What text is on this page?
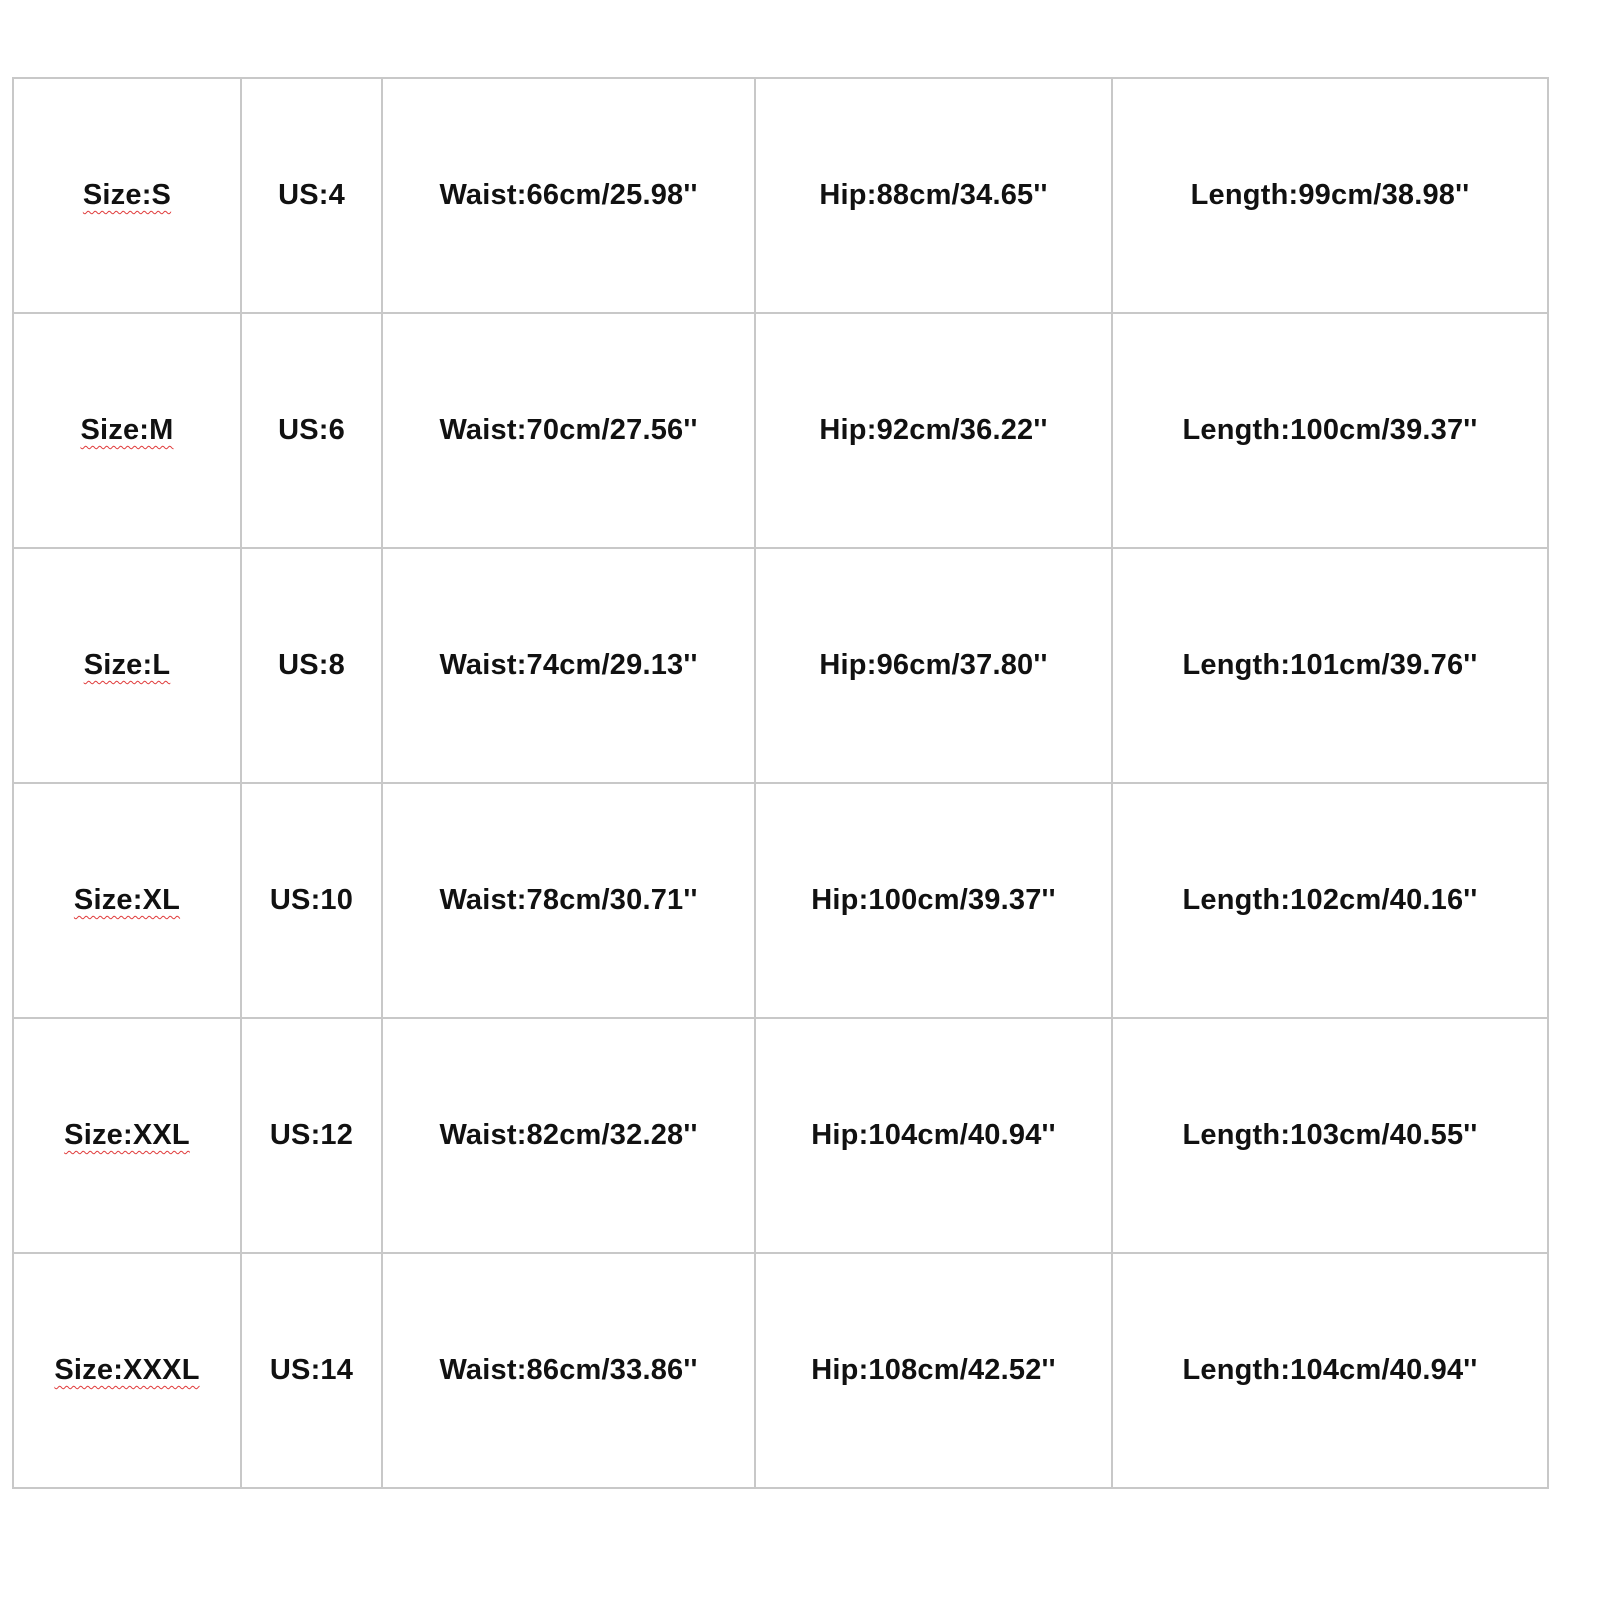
Size:S	US:4	Waist:66cm/25.98''	Hip:88cm/34.65''	Length:99cm/38.98''
Size:M	US:6	Waist:70cm/27.56''	Hip:92cm/36.22''	Length:100cm/39.37''
Size:L	US:8	Waist:74cm/29.13''	Hip:96cm/37.80''	Length:101cm/39.76''
Size:XL	US:10	Waist:78cm/30.71''	Hip:100cm/39.37''	Length:102cm/40.16''
Size:XXL	US:12	Waist:82cm/32.28''	Hip:104cm/40.94''	Length:103cm/40.55''
Size:XXXL	US:14	Waist:86cm/33.86''	Hip:108cm/42.52''	Length:104cm/40.94''
